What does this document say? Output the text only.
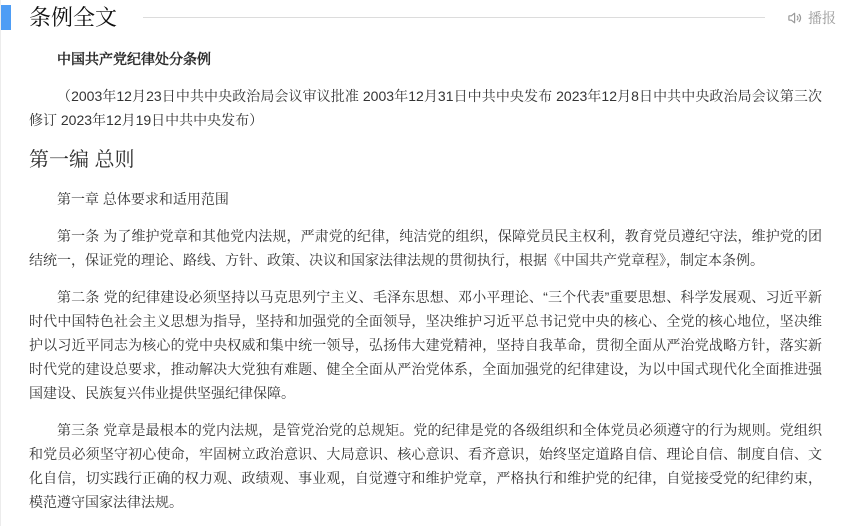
条例全文	播报

中国共产党纪律处分条例

（2003年12月23日中共中央政治局会议审议批准 2003年12月31日中共中央发布 2023年12月8日中共中央政治局会议第三次修订 2023年12月19日中共中央发布）

第一编 总则

第一章 总体要求和适用范围

第一条 为了维护党章和其他党内法规，严肃党的纪律，纯洁党的组织，保障党员民主权利，教育党员遵纪守法，维护党的团结统一，保证党的理论、路线、方针、政策、决议和国家法律法规的贯彻执行，根据《中国共产党章程》，制定本条例。

第二条 党的纪律建设必须坚持以马克思列宁主义、毛泽东思想、邓小平理论、“三个代表”重要思想、科学发展观、习近平新时代中国特色社会主义思想为指导，坚持和加强党的全面领导，坚决维护习近平总书记党中央的核心、全党的核心地位，坚决维护以习近平同志为核心的党中央权威和集中统一领导，弘扬伟大建党精神，坚持自我革命，贯彻全面从严治党战略方针，落实新时代党的建设总要求，推动解决大党独有难题、健全全面从严治党体系，全面加强党的纪律建设，为以中国式现代化全面推进强国建设、民族复兴伟业提供坚强纪律保障。

第三条 党章是最根本的党内法规，是管党治党的总规矩。党的纪律是党的各级组织和全体党员必须遵守的行为规则。党组织和党员必须坚守初心使命，牢固树立政治意识、大局意识、核心意识、看齐意识，始终坚定道路自信、理论自信、制度自信、文化自信，切实践行正确的权力观、政绩观、事业观，自觉遵守和维护党章，严格执行和维护党的纪律，自觉接受党的纪律约束，模范遵守国家法律法规。
